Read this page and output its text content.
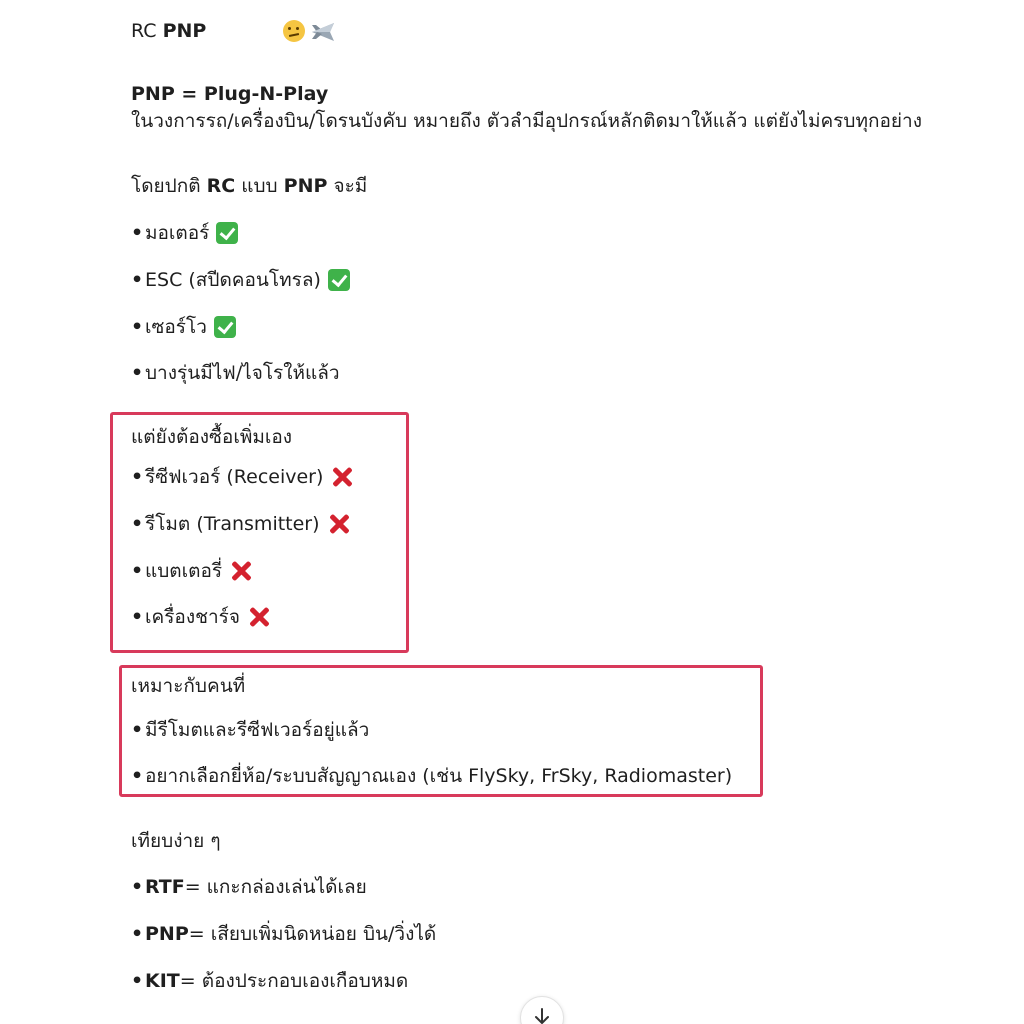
RC PNP
PNP = Plug-N-Play
ในวงการรถ/เครื่องบิน/โดรนบังคับ หมายถึง ตัวลำมีอุปกรณ์หลักติดมาให้แล้ว แต่ยังไม่ครบทุกอย่าง
โดยปกติ RC แบบ PNP จะมี
• มอเตอร์
• ESC (สปีดคอนโทรล)
• เซอร์โว
• บางรุ่นมีไฟ/ไจโรให้แล้ว
แต่ยังต้องซื้อเพิ่มเอง
• รีซีฟเวอร์ (Receiver)
• รีโมต (Transmitter)
• แบตเตอรี่
• เครื่องชาร์จ
เหมาะกับคนที่
• มีรีโมตและรีซีฟเวอร์อยู่แล้ว
• อยากเลือกยี่ห้อ/ระบบสัญญาณเอง (เช่น FlySky, FrSky, Radiomaster)
เทียบง่าย ๆ
• RTF = แกะกล่องเล่นได้เลย
• PNP = เสียบเพิ่มนิดหน่อย บิน/วิ่งได้
• KIT = ต้องประกอบเองเกือบหมด
